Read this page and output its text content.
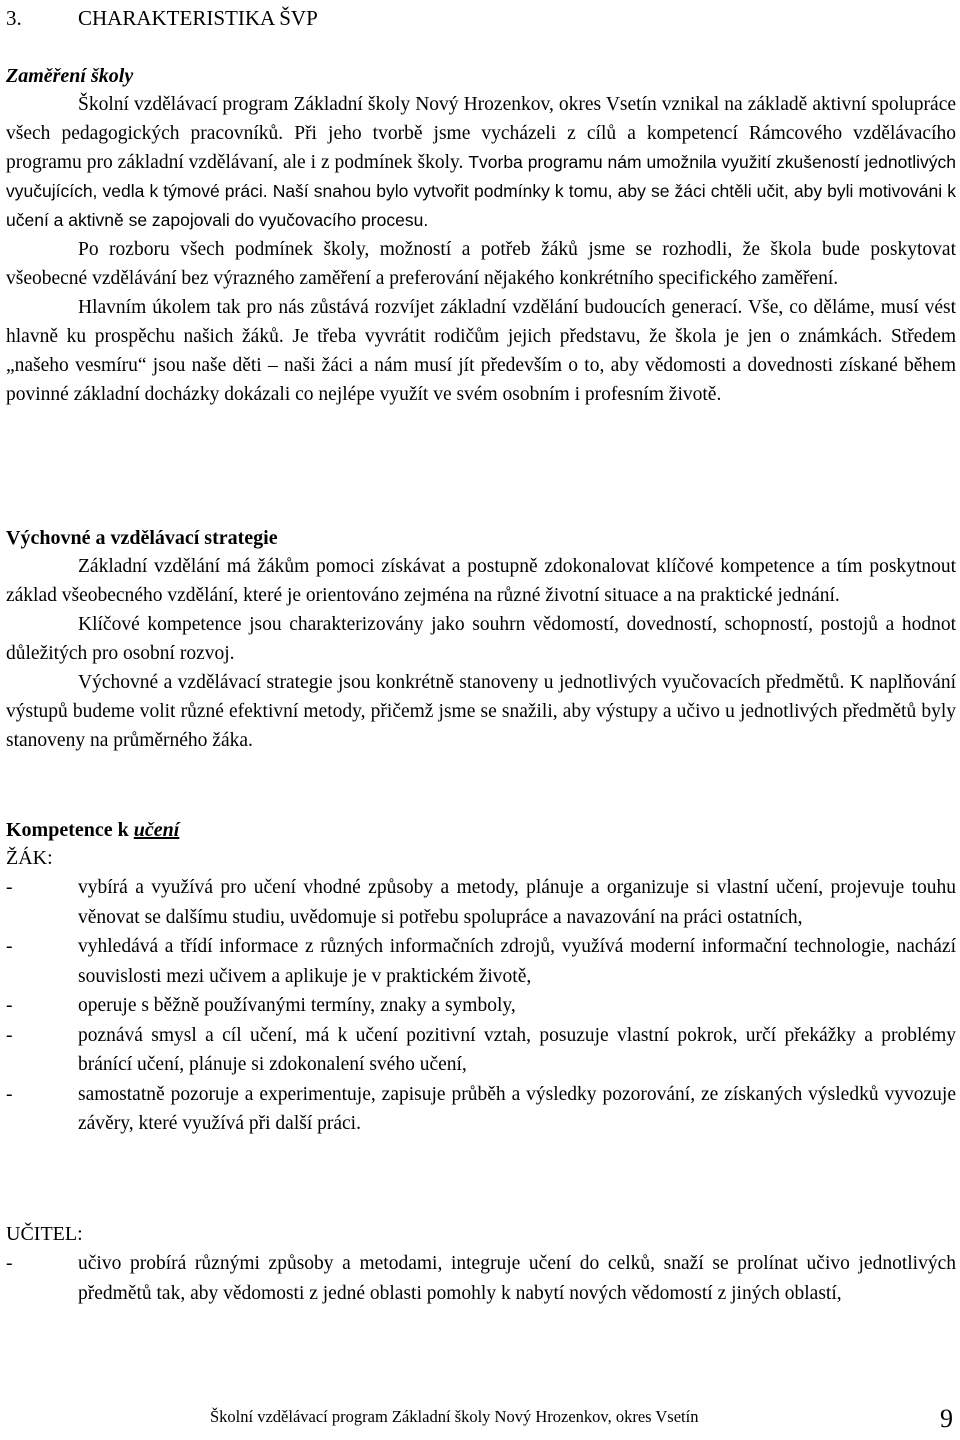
3.	CHARAKTERISTIKA ŠVP
Zaměření školy

Školní vzdělávací program Základní školy Nový Hrozenkov, okres Vsetín vznikal na základě aktivní spolupráce všech pedagogických pracovníků. Při jeho tvorbě jsme vycházeli z cílů a kompetencí Rámcového vzdělávacího programu pro základní vzdělávaní, ale i z podmínek školy. Tvorba programu nám umožnila využití zkušeností jednotlivých vyučujících, vedla k týmové práci. Naší snahou bylo vytvořit podmínky k tomu, aby se žáci chtěli učit, aby byli motivováni k učení a aktivně se zapojovali do vyučovacího procesu.

Po rozboru všech podmínek školy, možností a potřeb žáků jsme se rozhodli, že škola bude poskytovat všeobecné vzdělávání bez výrazného zaměření a preferování nějakého konkrétního specifického zaměření.

Hlavním úkolem tak pro nás zůstává rozvíjet základní vzdělání budoucích generací. Vše, co děláme, musí vést hlavně ku prospěchu našich žáků. Je třeba vyvrátit rodičům jejich představu, že škola je jen o známkách. Středem „našeho vesmíru“ jsou naše děti – naši žáci a nám musí jít především o to, aby vědomosti a dovednosti získané během povinné základní docházky dokázali co nejlépe využít ve svém osobním i profesním životě.

Výchovné a vzdělávací strategie

Základní vzdělání má žákům pomoci získávat a postupně zdokonalovat klíčové kompetence a tím poskytnout základ všeobecného vzdělání, které je orientováno zejména na různé životní situace a na praktické jednání.

Klíčové kompetence jsou charakterizovány jako souhrn vědomostí, dovedností, schopností, postojů a hodnot důležitých pro osobní rozvoj.

Výchovné a vzdělávací strategie jsou konkrétně stanoveny u jednotlivých vyučovacích předmětů. K naplňování výstupů budeme volit různé efektivní metody, přičemž jsme se snažili, aby výstupy a učivo u jednotlivých předmětů byly stanoveny na průměrného žáka.

Kompetence k učení
ŽÁK:
-	vybírá a využívá pro učení vhodné způsoby a metody, plánuje a organizuje si vlastní učení, projevuje touhu věnovat se dalšímu studiu, uvědomuje si potřebu spolupráce a navazování na práci ostatních,
-	vyhledává a třídí informace z různých informačních zdrojů, využívá moderní informační technologie, nachází souvislosti mezi učivem a aplikuje je v praktickém životě,
-	operuje s běžně používanými termíny, znaky a symboly,
-	poznává smysl a cíl učení, má k učení pozitivní vztah, posuzuje vlastní pokrok, určí překážky a problémy bránící učení, plánuje si zdokonalení svého učení,
-	samostatně pozoruje a experimentuje, zapisuje průběh a výsledky pozorování, ze získaných výsledků vyvozuje závěry, které využívá při další práci.
UČITEL:
-	učivo probírá různými způsoby a metodami, integruje učení do celků, snaží se prolínat učivo jednotlivých předmětů tak, aby vědomosti z jedné oblasti pomohly k nabytí nových vědomostí z jiných oblastí,
Školní vzdělávací program Základní školy Nový Hrozenkov, okres Vsetín	9
